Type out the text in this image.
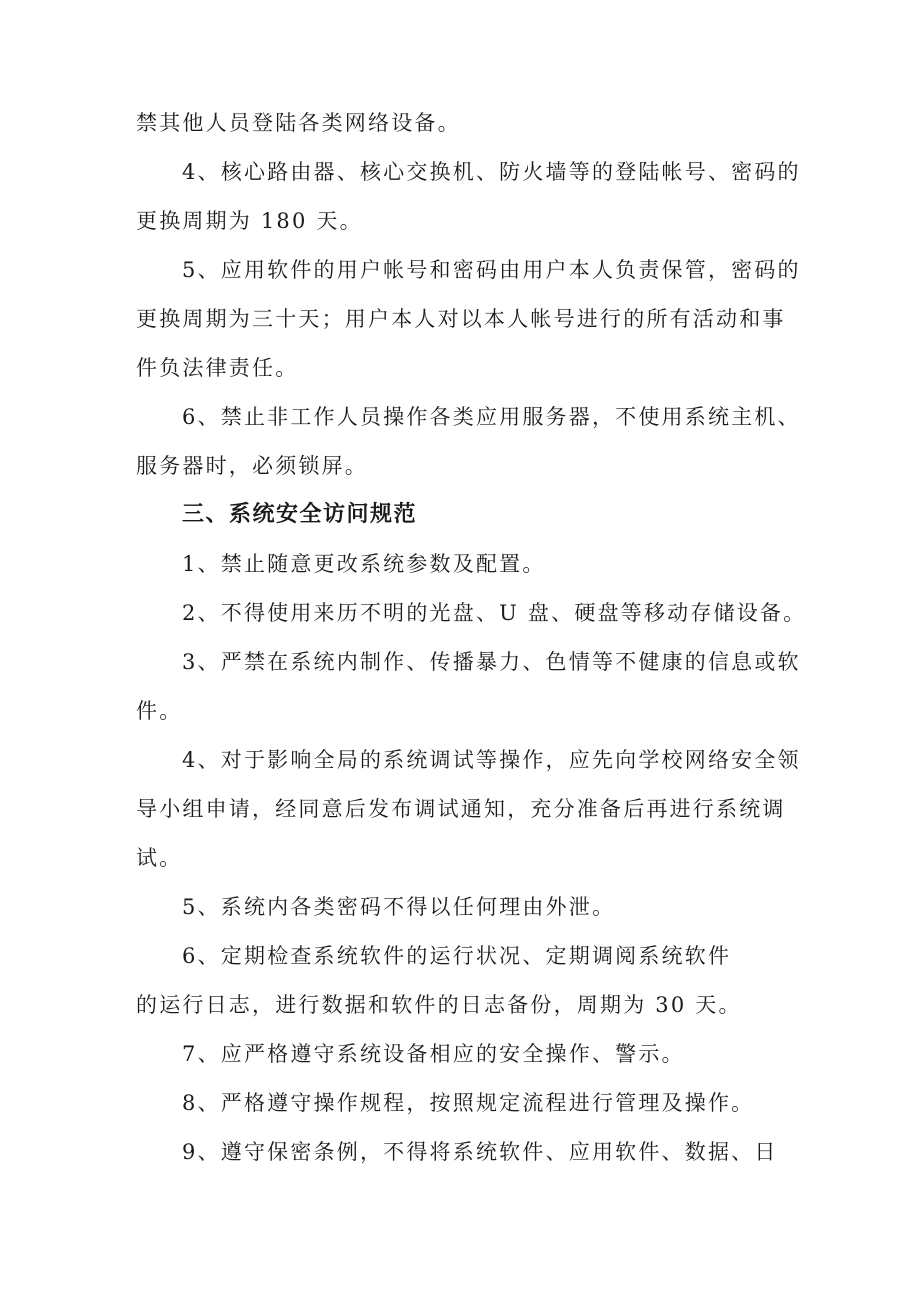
禁其他人员登陆各类网络设备。
4、核心路由器、核心交换机、防火墙等的登陆帐号、密码的
更换周期为 180 天。
5、应用软件的用户帐号和密码由用户本人负责保管，密码的
更换周期为三十天；用户本人对以本人帐号进行的所有活动和事
件负法律责任。
6、禁止非工作人员操作各类应用服务器，不使用系统主机、
服务器时，必须锁屏。
三、系统安全访问规范
1、禁止随意更改系统参数及配置。
2、不得使用来历不明的光盘、U 盘、硬盘等移动存储设备。
3、严禁在系统内制作、传播暴力、色情等不健康的信息或软
件。
4、对于影响全局的系统调试等操作，应先向学校网络安全领
导小组申请，经同意后发布调试通知，充分准备后再进行系统调
试。
5、系统内各类密码不得以任何理由外泄。
6、定期检查系统软件的运行状况、定期调阅系统软件
的运行日志，进行数据和软件的日志备份，周期为 30 天。
7、应严格遵守系统设备相应的安全操作、警示。
8、严格遵守操作规程，按照规定流程进行管理及操作。
9、遵守保密条例，不得将系统软件、应用软件、数据、日
